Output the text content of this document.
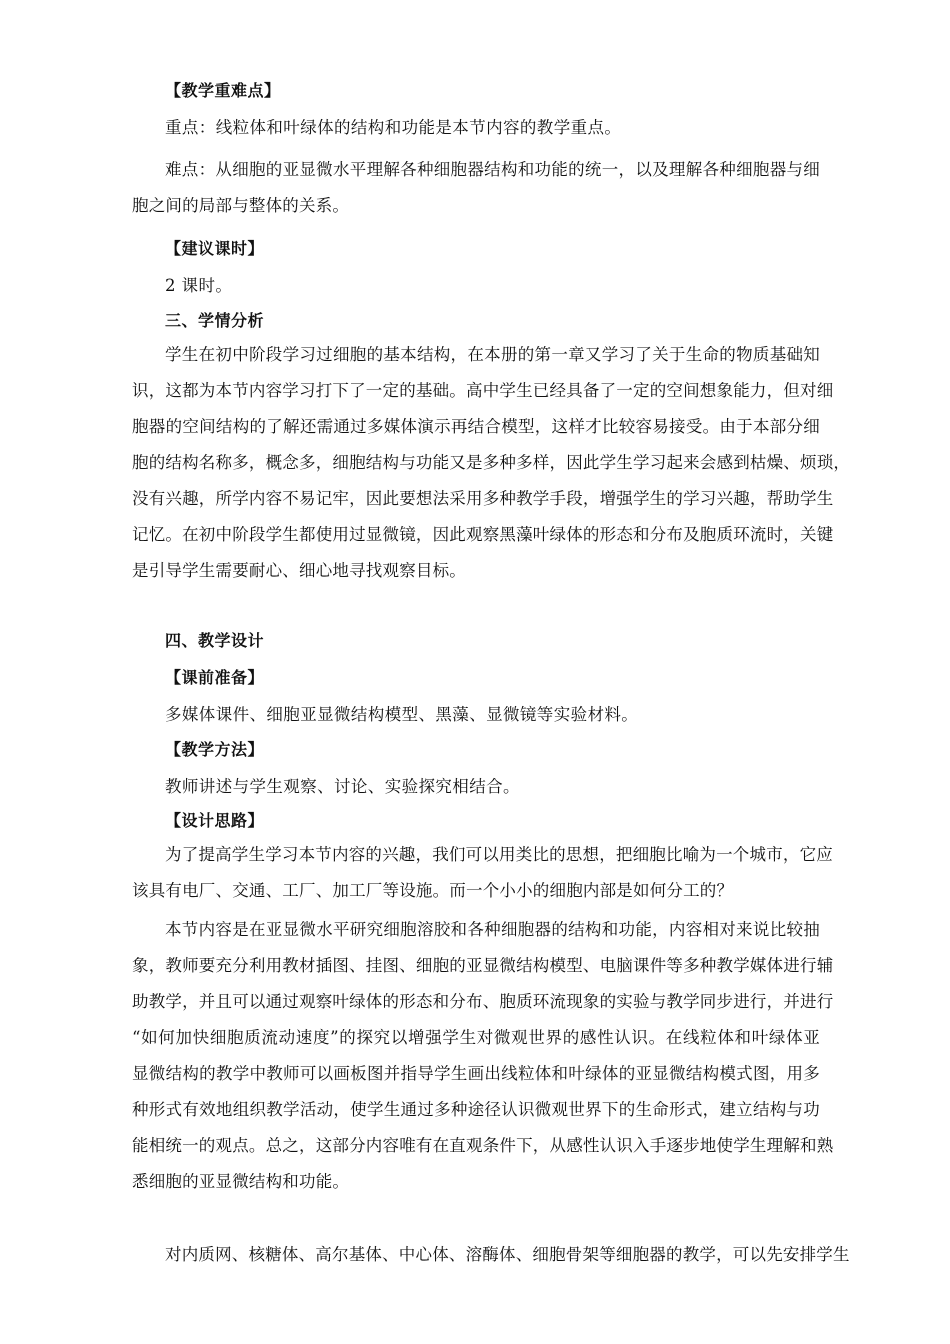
【教学重难点】
重点：线粒体和叶绿体的结构和功能是本节内容的教学重点。
难点：从细胞的亚显微水平理解各种细胞器结构和功能的统一，以及理解各种细胞器与细
胞之间的局部与整体的关系。
【建议课时】
2 课时。
三、学情分析
学生在初中阶段学习过细胞的基本结构，在本册的第一章又学习了关于生命的物质基础知
识，这都为本节内容学习打下了一定的基础。高中学生已经具备了一定的空间想象能力，但对细
胞器的空间结构的了解还需通过多媒体演示再结合模型，这样才比较容易接受。由于本部分细
胞的结构名称多，概念多，细胞结构与功能又是多种多样，因此学生学习起来会感到枯燥、烦琐，
没有兴趣，所学内容不易记牢，因此要想法采用多种教学手段，增强学生的学习兴趣，帮助学生
记忆。在初中阶段学生都使用过显微镜，因此观察黑藻叶绿体的形态和分布及胞质环流时，关键
是引导学生需要耐心、细心地寻找观察目标。
四、教学设计
【课前准备】
多媒体课件、细胞亚显微结构模型、黑藻、显微镜等实验材料。
【教学方法】
教师讲述与学生观察、讨论、实验探究相结合。
【设计思路】
为了提高学生学习本节内容的兴趣，我们可以用类比的思想，把细胞比喻为一个城市，它应
该具有电厂、交通、工厂、加工厂等设施。而一个小小的细胞内部是如何分工的？
本节内容是在亚显微水平研究细胞溶胶和各种细胞器的结构和功能，内容相对来说比较抽
象，教师要充分利用教材插图、挂图、细胞的亚显微结构模型、电脑课件等多种教学媒体进行辅
助教学，并且可以通过观察叶绿体的形态和分布、胞质环流现象的实验与教学同步进行，并进行
“如何加快细胞质流动速度”的探究以增强学生对微观世界的感性认识。在线粒体和叶绿体亚
显微结构的教学中教师可以画板图并指导学生画出线粒体和叶绿体的亚显微结构模式图，用多
种形式有效地组织教学活动，使学生通过多种途径认识微观世界下的生命形式，建立结构与功
能相统一的观点。总之，这部分内容唯有在直观条件下，从感性认识入手逐步地使学生理解和熟
悉细胞的亚显微结构和功能。
对内质网、核糖体、高尔基体、中心体、溶酶体、细胞骨架等细胞器的教学，可以先安排学生
